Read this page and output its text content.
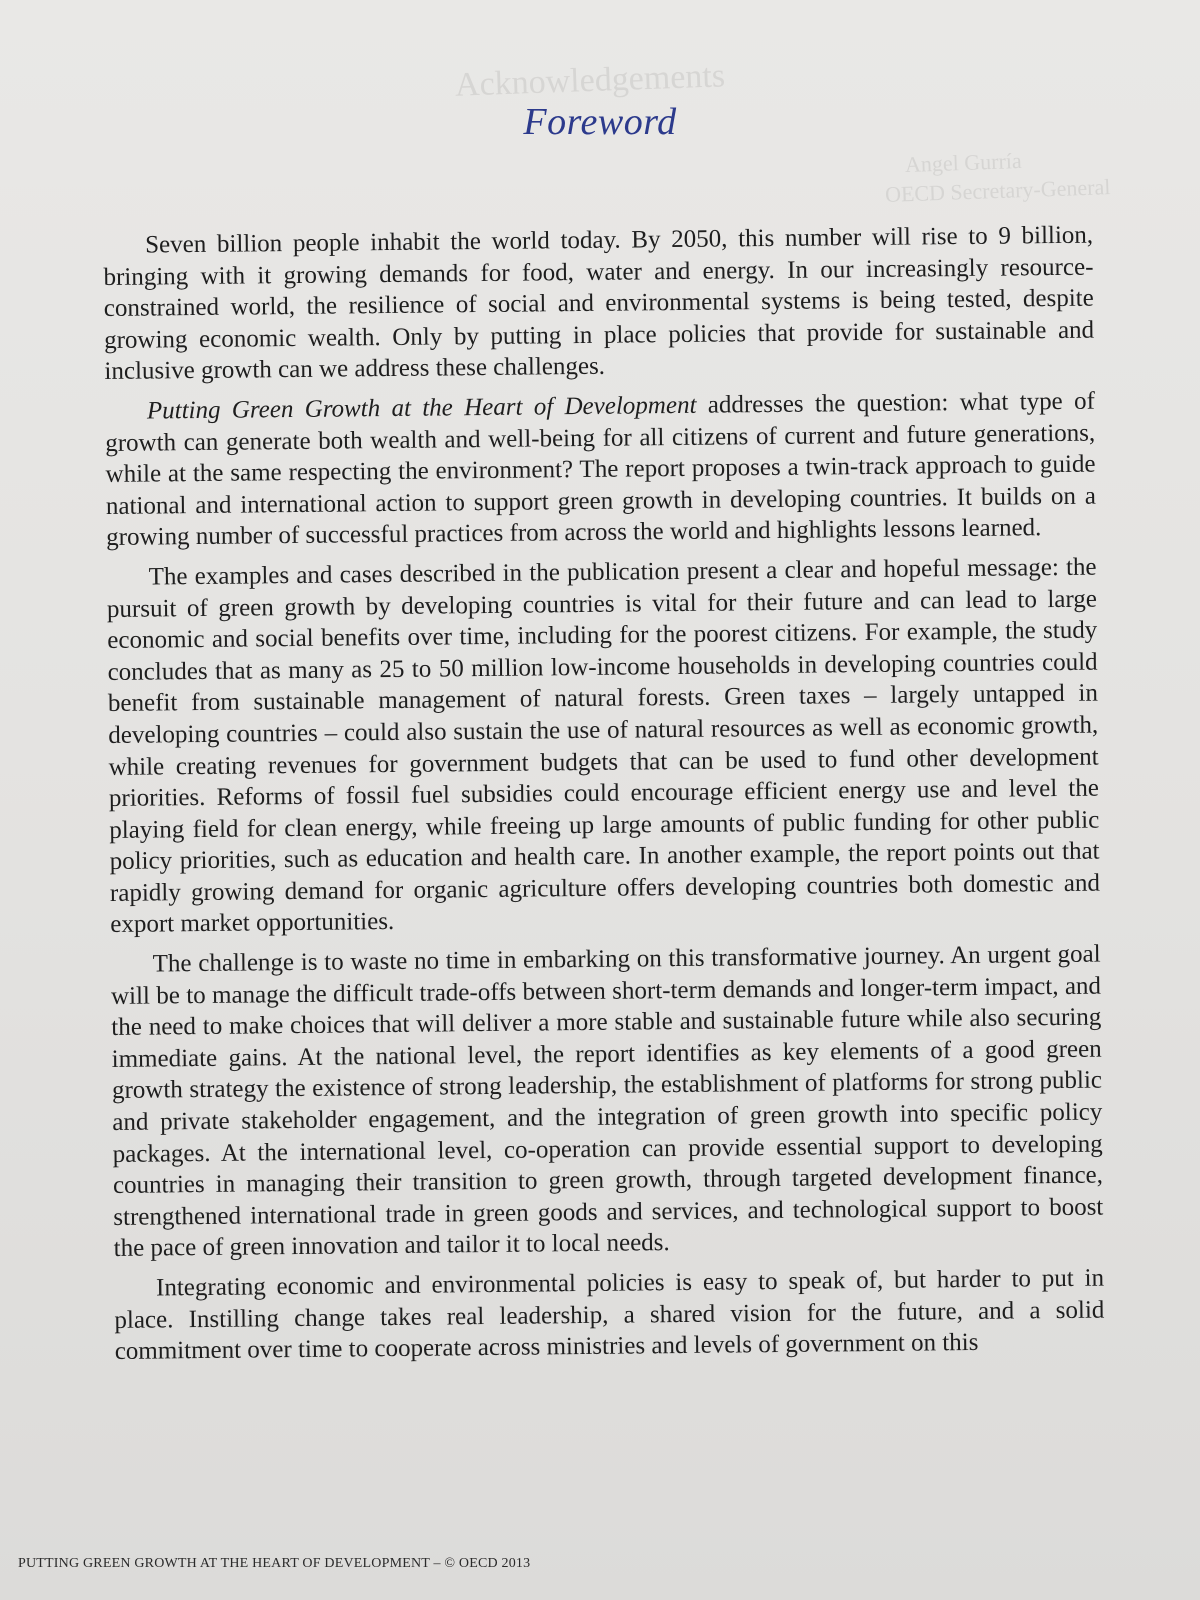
Acknowledgements
Angel Gurría
OECD Secretary-General
Foreword

Seven billion people inhabit the world today. By 2050, this number will rise to 9 billion, bringing with it growing demands for food, water and energy. In our increasingly resource-constrained world, the resilience of social and environmental systems is being tested, despite growing economic wealth. Only by putting in place policies that provide for sustainable and inclusive growth can we address these challenges.

Putting Green Growth at the Heart of Development addresses the question: what type of growth can generate both wealth and well-being for all citizens of current and future generations, while at the same respecting the environment? The report proposes a twin-track approach to guide national and international action to support green growth in developing countries. It builds on a growing number of successful practices from across the world and highlights lessons learned.

The examples and cases described in the publication present a clear and hopeful message: the pursuit of green growth by developing countries is vital for their future and can lead to large economic and social benefits over time, including for the poorest citizens. For example, the study concludes that as many as 25 to 50 million low-income households in developing countries could benefit from sustainable management of natural forests. Green taxes – largely untapped in developing countries – could also sustain the use of natural resources as well as economic growth, while creating revenues for government budgets that can be used to fund other development priorities. Reforms of fossil fuel subsidies could encourage efficient energy use and level the playing field for clean energy, while freeing up large amounts of public funding for other public policy priorities, such as education and health care. In another example, the report points out that rapidly growing demand for organic agriculture offers developing countries both domestic and export market opportunities.

The challenge is to waste no time in embarking on this transformative journey. An urgent goal will be to manage the difficult trade-offs between short-term demands and longer-term impact, and the need to make choices that will deliver a more stable and sustainable future while also securing immediate gains. At the national level, the report identifies as key elements of a good green growth strategy the existence of strong leadership, the establishment of platforms for strong public and private stakeholder engagement, and the integration of green growth into specific policy packages. At the international level, co-operation can provide essential support to developing countries in managing their transition to green growth, through targeted development finance, strengthened international trade in green goods and services, and technological support to boost the pace of green innovation and tailor it to local needs.

Integrating economic and environmental policies is easy to speak of, but harder to put in place. Instilling change takes real leadership, a shared vision for the future, and a solid commitment over time to cooperate across ministries and levels of government on this

PUTTING GREEN GROWTH AT THE HEART OF DEVELOPMENT – © OECD 2013
